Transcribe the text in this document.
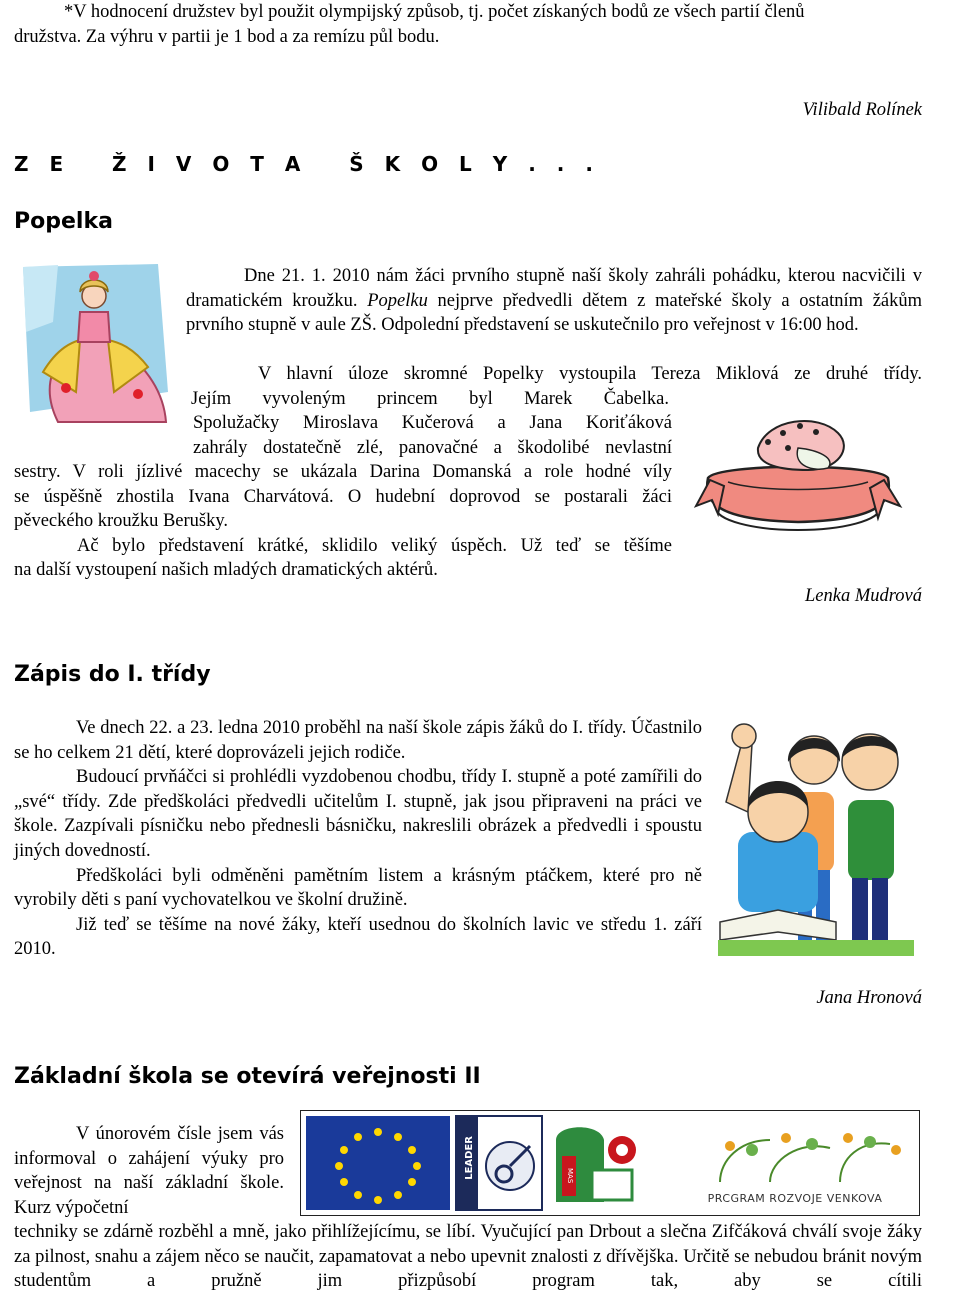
*V hodnocení družstev byl použit olympijský způsob, tj. počet získaných bodů ze všech partií členů

družstva. Za výhru v partii je 1 bod a za remízu půl bodu.

Vilibald Rolínek
Z E   Ž I V O T A   Š K O L Y . . .
Popelka

Dne 21. 1. 2010 nám žáci prvního stupně naší školy zahráli pohádku, kterou nacvičili v dramatickém kroužku. Popelku nejprve předvedli dětem z mateřské školy a ostatním žákům prvního stupně v aule ZŠ. Odpolední představení se uskutečnilo pro veřejnost v 16:00 hod.

V hlavní úloze skromné Popelky vystoupila Tereza Miklová ze druhé třídy.
Jejím vyvoleným princem byl Marek Čabelka.
Spolužačky Miroslava Kučerová a Jana Koriťáková
zahrály dostatečně zlé, panovačné a škodolibé nevlastní
sestry. V roli jízlivé macechy se ukázala Darina Domanská a role hodné víly
se úspěšně zhostila Ivana Charvátová. O hudební doprovod se postarali žáci
pěveckého kroužku Berušky.
Ač bylo představení krátké, sklidilo veliký úspěch. Už teď se těšíme
na další vystoupení našich mladých dramatických aktérů.
Lenka Mudrová
Zápis do I. třídy

Ve dnech 22. a 23. ledna 2010 proběhl na naší škole zápis žáků do I. třídy. Účastnilo se ho celkem 21 dětí, které doprovázeli jejich rodiče.

Budoucí prvňáčci si prohlédli vyzdobenou chodbu, třídy I. stupně a poté zamířili do „své“ třídy. Zde předškoláci předvedli učitelům I. stupně, jak jsou připraveni na práci ve škole. Zazpívali písničku nebo přednesli básničku, nakreslili obrázek a předvedli i spoustu jiných dovedností.

Předškoláci byli odměněni pamětním listem a krásným ptáčkem, které pro ně vyrobily děti s paní vychovatelkou ve školní družině.

Již teď se těšíme na nové žáky, kteří usednou do školních lavic ve středu 1. září 2010.

Jana Hronová
Základní škola se otevírá veřejnosti II

V únorovém čísle jsem vás informoval o zahájení výuky pro veřejnost na naší základní škole. Kurz výpočetní

LEADER	MAS
PRCGRAM ROZVOJE VENKOVA
techniky se zdárně rozběhl a mně, jako přihlížejícímu, se líbí. Vyučující pan Drbout a slečna Zifčáková chválí svoje žáky za pilnost, snahu a zájem něco se naučit, zapamatovat a nebo upevnit znalosti z dřívějška. Určitě se nebudou bránit novým studentům a pružně jim přizpůsobí program tak, aby se cítili
